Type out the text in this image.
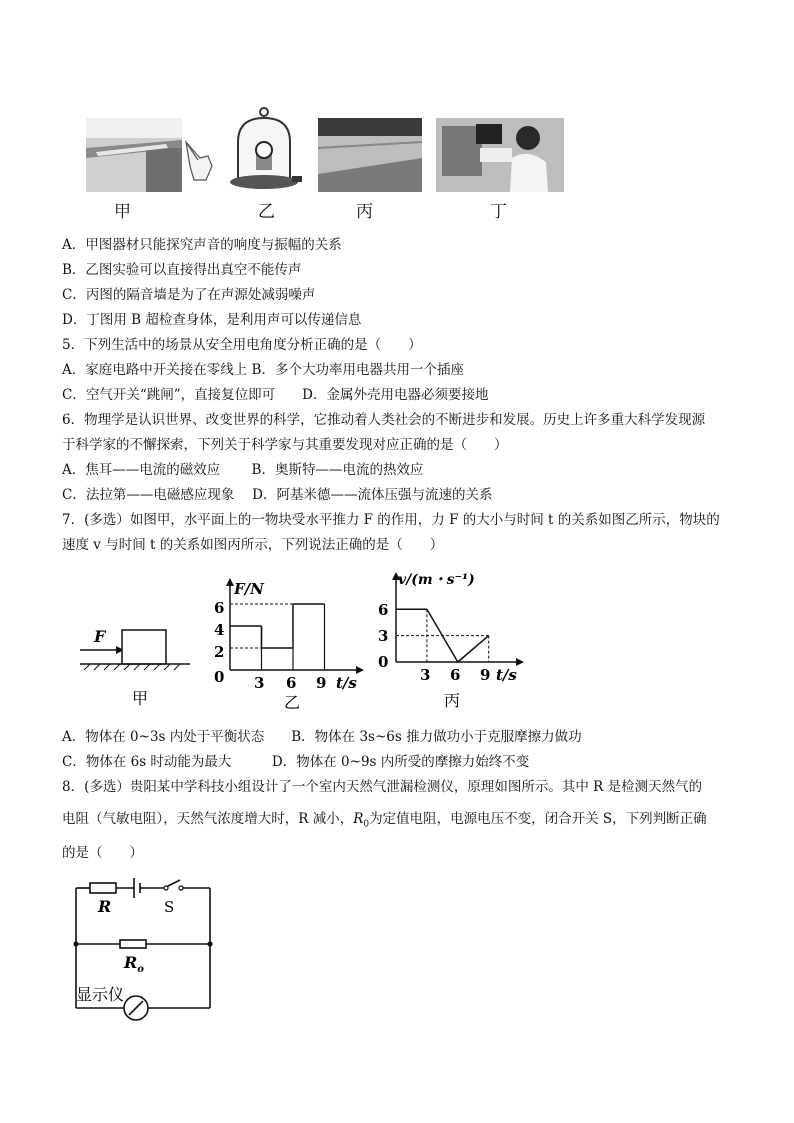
甲	乙	丙	丁
A．甲图器材只能探究声音的响度与振幅的关系
B．乙图实验可以直接得出真空不能传声
C．丙图的隔音墙是为了在声源处减弱噪声
D．丁图用 B 超检查身体，是利用声可以传递信息
5．下列生活中的场景从安全用电角度分析正确的是（　　）
A．家庭电路中开关接在零线上 B．多个大功率用电器共用一个插座
C．空气开关“跳闸”，直接复位即可　　D．金属外壳用电器必须要接地
6．物理学是认识世界、改变世界的科学，它推动着人类社会的不断进步和发展。历史上许多重大科学发现源
于科学家的不懈探索，下列关于科学家与其重要发现对应正确的是（　　）
A．焦耳——电流的磁效应　　 B．奥斯特——电流的热效应
C．法拉第——电磁感应现象　 D．阿基米德——流体压强与流速的关系
7．(多选）如图甲，水平面上的一物块受水平推力 F 的作用，力 F 的大小与时间 t 的关系如图乙所示，物块的
速度 v 与时间 t 的关系如图丙所示，下列说法正确的是（　　）
F
甲
F/N
t/s
6
4
2
0 3 6 9
乙
v/(m・s⁻¹)
t/s
6
3
0
3 6 9
丙
A．物体在 0~3s 内处于平衡状态　　B．物体在 3s~6s 推力做功小于克服摩擦力做功
C．物体在 6s 时动能为最大　　　D．物体在 0~9s 内所受的摩擦力始终不变
8．(多选）贵阳某中学科技小组设计了一个室内天然气泄漏检测仪，原理如图所示。其中 R 是检测天然气的
电阻（气敏电阻），天然气浓度增大时，R 减小，$R_0$为定值电阻，电源电压不变，闭合开关 S，下列判断正确
的是（　　）
R	S
$R_o$
显示仪
